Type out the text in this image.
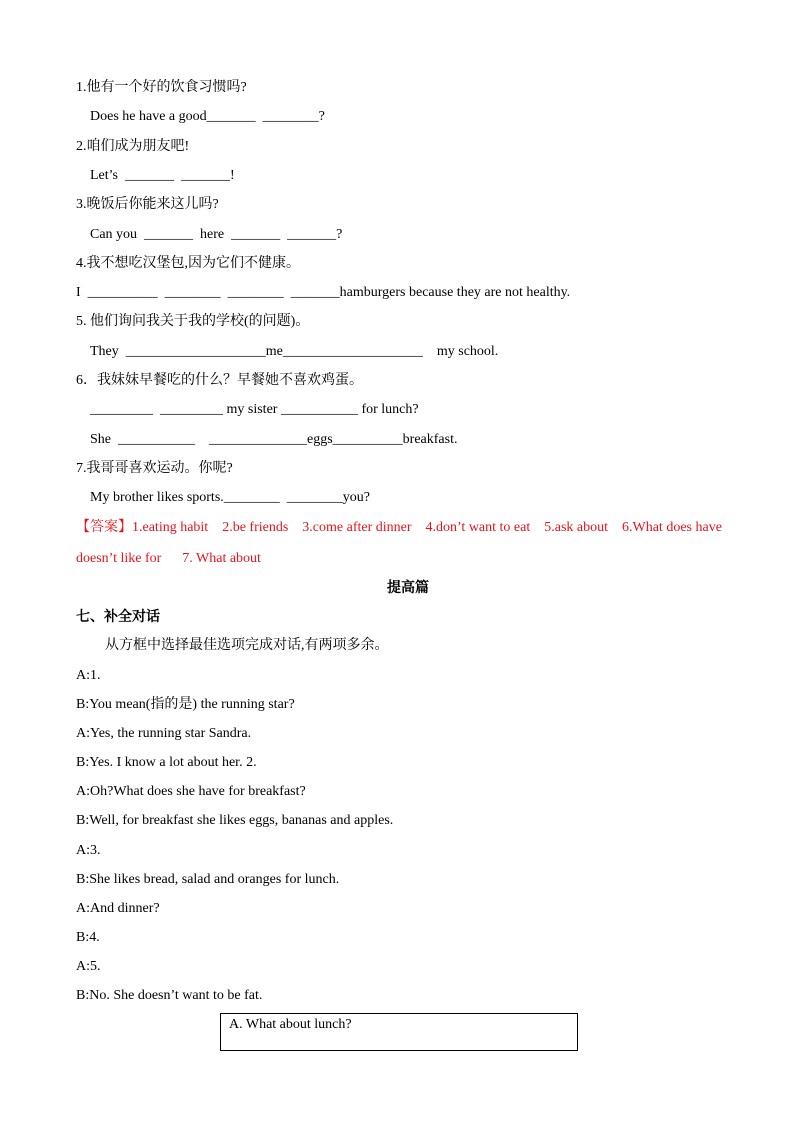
1.他有一个好的饮食习惯吗?
Does he have a good_______  ________?
2.咱们成为朋友吧!
Let’s  _______  _______!
3.晚饭后你能来这儿吗?
Can you  _______  here  _______  _______?
4.我不想吃汉堡包,因为它们不健康。
I  __________  ________  ________  _______hamburgers because they are not healthy.
5. 他们询问我关于我的学校(的问题)。
They  ____________________me____________________    my school.
6．我妹妹早餐吃的什么？早餐她不喜欢鸡蛋。
_________  _________ my sister ___________ for lunch?
She  ___________    ______________eggs__________breakfast.
7.我哥哥喜欢运动。你呢?
My brother likes sports.________  ________you?
【答案】1.eating habit    2.be friends    3.come after dinner    4.don’t want to eat    5.ask about    6.What does have
doesn’t like for      7. What about
提高篇
七、补全对话
从方框中选择最佳选项完成对话,有两项多余。
A:1.
B:You mean(指的是) the running star?
A:Yes, the running star Sandra.
B:Yes. I know a lot about her. 2.
A:Oh?What does she have for breakfast?
B:Well, for breakfast she likes eggs, bananas and apples.
A:3.
B:She likes bread, salad and oranges for lunch.
A:And dinner?
B:4.
A:5.
B:No. She doesn’t want to be fat.
A. What about lunch?
